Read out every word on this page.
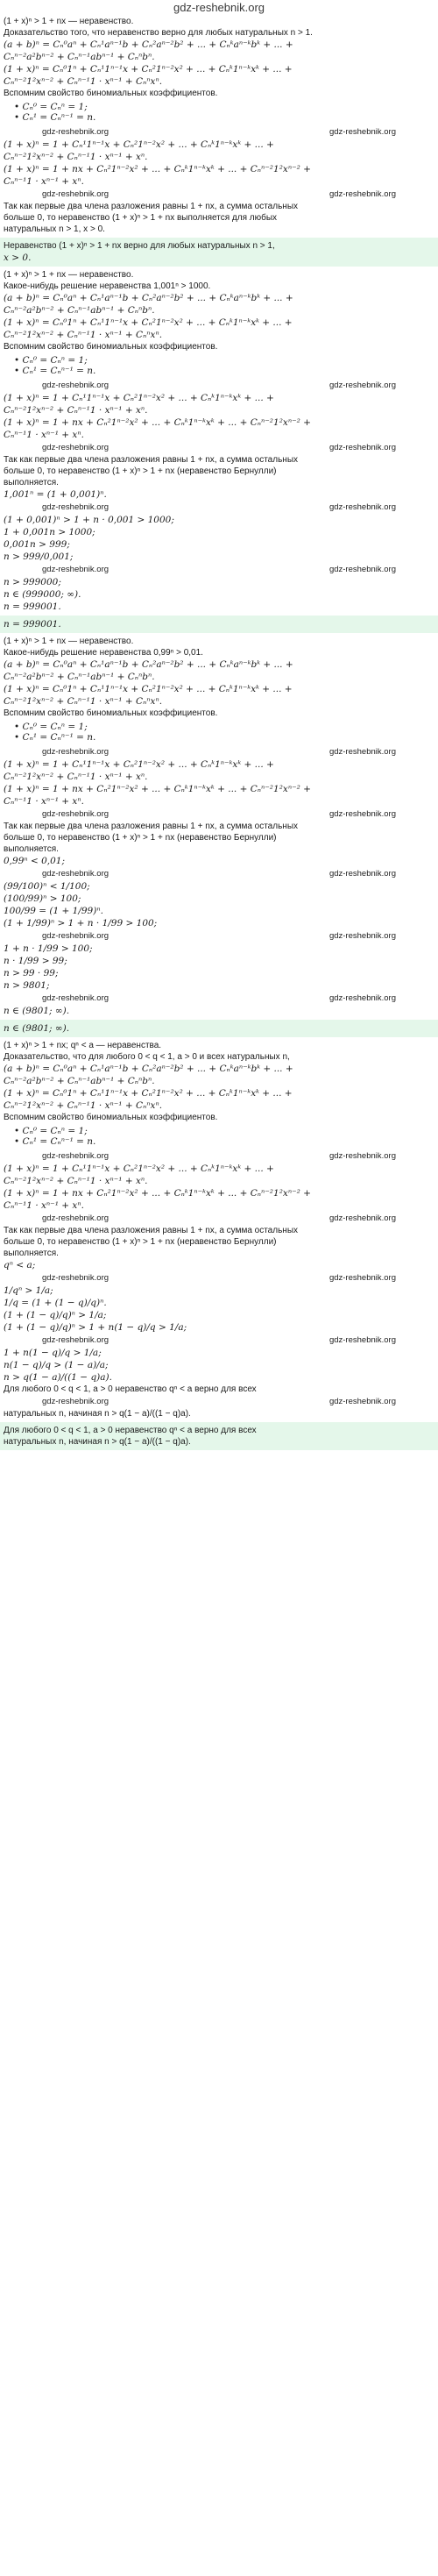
gdz-reshebnik.org

(1 + x)ⁿ > 1 + nx — неравенство.

Доказательство того, что неравенство верно для любых натуральных n > 1.

(a + b)ⁿ = Cₙ⁰aⁿ + Cₙ¹aⁿ⁻¹b + Cₙ²aⁿ⁻²b² + ... + Cₙᵏaⁿ⁻ᵏbᵏ + ... +

Cₙⁿ⁻²a²bⁿ⁻² + Cₙⁿ⁻¹abⁿ⁻¹ + Cₙⁿbⁿ.

(1 + x)ⁿ = Cₙ⁰1ⁿ + Cₙ¹1ⁿ⁻¹x + Cₙ²1ⁿ⁻²x² + ... + Cₙᵏ1ⁿ⁻ᵏxᵏ + ... +

Cₙⁿ⁻²1²xⁿ⁻² + Cₙⁿ⁻¹1 · xⁿ⁻¹ + Cₙⁿxⁿ.

Вспомним свойство биномиальных коэффициентов.

• Cₙ⁰ = Cₙⁿ = 1;
• Cₙ¹ = Cₙⁿ⁻¹ = n.
gdz-reshebnik.org	gdz-reshebnik.org

(1 + x)ⁿ = 1 + Cₙ¹1ⁿ⁻¹x + Cₙ²1ⁿ⁻²x² + ... + Cₙᵏ1ⁿ⁻ᵏxᵏ + ... +

Cₙⁿ⁻²1²xⁿ⁻² + Cₙⁿ⁻¹1 · xⁿ⁻¹ + xⁿ.

(1 + x)ⁿ = 1 + nx + Cₙ²1ⁿ⁻²x² + ... + Cₙᵏ1ⁿ⁻ᵏxᵏ + ... + Cₙⁿ⁻²1²xⁿ⁻² +

Cₙⁿ⁻¹1 · xⁿ⁻¹ + xⁿ.

gdz-reshebnik.org	gdz-reshebnik.org

Так как первые два члена разложения равны 1 + nx, а сумма остальных

больше 0, то неравенство (1 + x)ⁿ > 1 + nx выполняется для любых

натуральных n > 1, x > 0.

Неравенство (1 + x)ⁿ > 1 + nx верно для любых натуральных n > 1,

x > 0.

(1 + x)ⁿ > 1 + nx — неравенство.

Какое-нибудь решение неравенства 1,001ⁿ > 1000.

(a + b)ⁿ = Cₙ⁰aⁿ + Cₙ¹aⁿ⁻¹b + Cₙ²aⁿ⁻²b² + ... + Cₙᵏaⁿ⁻ᵏbᵏ + ... +

Cₙⁿ⁻²a²bⁿ⁻² + Cₙⁿ⁻¹abⁿ⁻¹ + Cₙⁿbⁿ.

(1 + x)ⁿ = Cₙ⁰1ⁿ + Cₙ¹1ⁿ⁻¹x + Cₙ²1ⁿ⁻²x² + ... + Cₙᵏ1ⁿ⁻ᵏxᵏ + ... +

Cₙⁿ⁻²1²xⁿ⁻² + Cₙⁿ⁻¹1 · xⁿ⁻¹ + Cₙⁿxⁿ.

Вспомним свойство биномиальных коэффициентов.

• Cₙ⁰ = Cₙⁿ = 1;
• Cₙ¹ = Cₙⁿ⁻¹ = n.
gdz-reshebnik.org	gdz-reshebnik.org

(1 + x)ⁿ = 1 + Cₙ¹1ⁿ⁻¹x + Cₙ²1ⁿ⁻²x² + ... + Cₙᵏ1ⁿ⁻ᵏxᵏ + ... +

Cₙⁿ⁻²1²xⁿ⁻² + Cₙⁿ⁻¹1 · xⁿ⁻¹ + xⁿ.

(1 + x)ⁿ = 1 + nx + Cₙ²1ⁿ⁻²x² + ... + Cₙᵏ1ⁿ⁻ᵏxᵏ + ... + Cₙⁿ⁻²1²xⁿ⁻² +

Cₙⁿ⁻¹1 · xⁿ⁻¹ + xⁿ.

gdz-reshebnik.org	gdz-reshebnik.org

Так как первые два члена разложения равны 1 + nx, а сумма остальных

больше 0, то неравенство (1 + x)ⁿ > 1 + nx (неравенство Бернулли)

выполняется.

1,001ⁿ = (1 + 0,001)ⁿ.

gdz-reshebnik.org	gdz-reshebnik.org

(1 + 0,001)ⁿ > 1 + n · 0,001 > 1000;

1 + 0,001n > 1000;

0,001n > 999;

n > 999/0,001;

gdz-reshebnik.org	gdz-reshebnik.org

n > 999000;

n ∈ (999000; ∞).

n = 999001.

n = 999001.

(1 + x)ⁿ > 1 + nx — неравенство.

Какое-нибудь решение неравенства 0,99ⁿ > 0,01.

(a + b)ⁿ = Cₙ⁰aⁿ + Cₙ¹aⁿ⁻¹b + Cₙ²aⁿ⁻²b² + ... + Cₙᵏaⁿ⁻ᵏbᵏ + ... +

Cₙⁿ⁻²a²bⁿ⁻² + Cₙⁿ⁻¹abⁿ⁻¹ + Cₙⁿbⁿ.

(1 + x)ⁿ = Cₙ⁰1ⁿ + Cₙ¹1ⁿ⁻¹x + Cₙ²1ⁿ⁻²x² + ... + Cₙᵏ1ⁿ⁻ᵏxᵏ + ... +

Cₙⁿ⁻²1²xⁿ⁻² + Cₙⁿ⁻¹1 · xⁿ⁻¹ + Cₙⁿxⁿ.

Вспомним свойство биномиальных коэффициентов.

• Cₙ⁰ = Cₙⁿ = 1;
• Cₙ¹ = Cₙⁿ⁻¹ = n.
gdz-reshebnik.org	gdz-reshebnik.org

(1 + x)ⁿ = 1 + Cₙ¹1ⁿ⁻¹x + Cₙ²1ⁿ⁻²x² + ... + Cₙᵏ1ⁿ⁻ᵏxᵏ + ... +

Cₙⁿ⁻²1²xⁿ⁻² + Cₙⁿ⁻¹1 · xⁿ⁻¹ + xⁿ.

(1 + x)ⁿ = 1 + nx + Cₙ²1ⁿ⁻²x² + ... + Cₙᵏ1ⁿ⁻ᵏxᵏ + ... + Cₙⁿ⁻²1²xⁿ⁻² +

Cₙⁿ⁻¹1 · xⁿ⁻¹ + xⁿ.

gdz-reshebnik.org	gdz-reshebnik.org

Так как первые два члена разложения равны 1 + nx, а сумма остальных

больше 0, то неравенство (1 + x)ⁿ > 1 + nx (неравенство Бернулли)

выполняется.

0,99ⁿ < 0,01;

gdz-reshebnik.org	gdz-reshebnik.org

(99/100)ⁿ < 1/100;

(100/99)ⁿ > 100;

100/99 = (1 + 1/99)ⁿ.

(1 + 1/99)ⁿ > 1 + n · 1/99 > 100;

gdz-reshebnik.org	gdz-reshebnik.org

1 + n · 1/99 > 100;

n · 1/99 > 99;

n > 99 · 99;

n > 9801;

gdz-reshebnik.org	gdz-reshebnik.org

n ∈ (9801; ∞).

n ∈ (9801; ∞).

(1 + x)ⁿ > 1 + nx; qⁿ < a — неравенства.

Доказательство, что для любого 0 < q < 1, a > 0 и всех натуральных n,

(a + b)ⁿ = Cₙ⁰aⁿ + Cₙ¹aⁿ⁻¹b + Cₙ²aⁿ⁻²b² + ... + Cₙᵏaⁿ⁻ᵏbᵏ + ... +

Cₙⁿ⁻²a²bⁿ⁻² + Cₙⁿ⁻¹abⁿ⁻¹ + Cₙⁿbⁿ.

(1 + x)ⁿ = Cₙ⁰1ⁿ + Cₙ¹1ⁿ⁻¹x + Cₙ²1ⁿ⁻²x² + ... + Cₙᵏ1ⁿ⁻ᵏxᵏ + ... +

Cₙⁿ⁻²1²xⁿ⁻² + Cₙⁿ⁻¹1 · xⁿ⁻¹ + Cₙⁿxⁿ.

Вспомним свойство биномиальных коэффициентов.

• Cₙ⁰ = Cₙⁿ = 1;
• Cₙ¹ = Cₙⁿ⁻¹ = n.
gdz-reshebnik.org	gdz-reshebnik.org

(1 + x)ⁿ = 1 + Cₙ¹1ⁿ⁻¹x + Cₙ²1ⁿ⁻²x² + ... + Cₙᵏ1ⁿ⁻ᵏxᵏ + ... +

Cₙⁿ⁻²1²xⁿ⁻² + Cₙⁿ⁻¹1 · xⁿ⁻¹ + xⁿ.

(1 + x)ⁿ = 1 + nx + Cₙ²1ⁿ⁻²x² + ... + Cₙᵏ1ⁿ⁻ᵏxᵏ + ... + Cₙⁿ⁻²1²xⁿ⁻² +

Cₙⁿ⁻¹1 · xⁿ⁻¹ + xⁿ.

gdz-reshebnik.org	gdz-reshebnik.org

Так как первые два члена разложения равны 1 + nx, а сумма остальных

больше 0, то неравенство (1 + x)ⁿ > 1 + nx (неравенство Бернулли)

выполняется.

qⁿ < a;

gdz-reshebnik.org	gdz-reshebnik.org

1/qⁿ > 1/a;

1/q = (1 + (1 − q)/q)ⁿ.

(1 + (1 − q)/q)ⁿ > 1/a;

(1 + (1 − q)/q)ⁿ > 1 + n(1 − q)/q > 1/a;

gdz-reshebnik.org	gdz-reshebnik.org

1 + n(1 − q)/q > 1/a;

n(1 − q)/q > (1 − a)/a;

n > q(1 − a)/((1 − q)a).

Для любого 0 < q < 1, a > 0 неравенство qⁿ < a верно для всех

gdz-reshebnik.org	gdz-reshebnik.org

натуральных n, начиная n > q(1 − a)/((1 − q)a).

Для любого 0 < q < 1, a > 0 неравенство qⁿ < a верно для всех

натуральных n, начиная n > q(1 − a)/((1 − q)a).
